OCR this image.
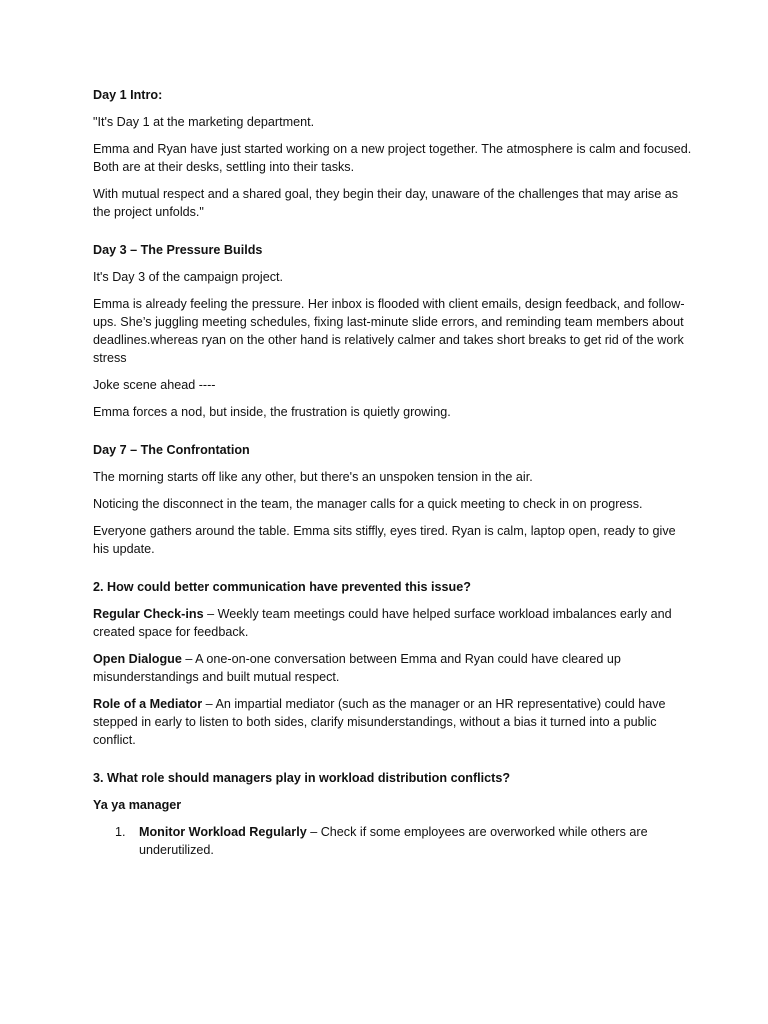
Day 1 Intro:

"It's Day 1 at the marketing department.

Emma and Ryan have just started working on a new project together. The atmosphere is calm and focused. Both are at their desks, settling into their tasks.

With mutual respect and a shared goal, they begin their day, unaware of the challenges that may arise as the project unfolds."

Day 3 – The Pressure Builds

It's Day 3 of the campaign project.

Emma is already feeling the pressure. Her inbox is flooded with client emails, design feedback, and follow-ups. She’s juggling meeting schedules, fixing last-minute slide errors, and reminding team members about deadlines.whereas ryan on the other hand is relatively calmer and takes short breaks to get rid of the work stress

Joke scene ahead ----

Emma forces a nod, but inside, the frustration is quietly growing.

Day 7 – The Confrontation

The morning starts off like any other, but there's an unspoken tension in the air.

Noticing the disconnect in the team, the manager calls for a quick meeting to check in on progress.

Everyone gathers around the table. Emma sits stiffly, eyes tired. Ryan is calm, laptop open, ready to give his update.

2. How could better communication have prevented this issue?

Regular Check-ins – Weekly team meetings could have helped surface workload imbalances early and created space for feedback.

Open Dialogue – A one-on-one conversation between Emma and Ryan could have cleared up misunderstandings and built mutual respect.

Role of a Mediator – An impartial mediator (such as the manager or an HR representative) could have stepped in early to listen to both sides, clarify misunderstandings, without a bias it turned into a public conflict.

3. What role should managers play in workload distribution conflicts?

Ya ya manager

1. Monitor Workload Regularly – Check if some employees are overworked while others are underutilized.
